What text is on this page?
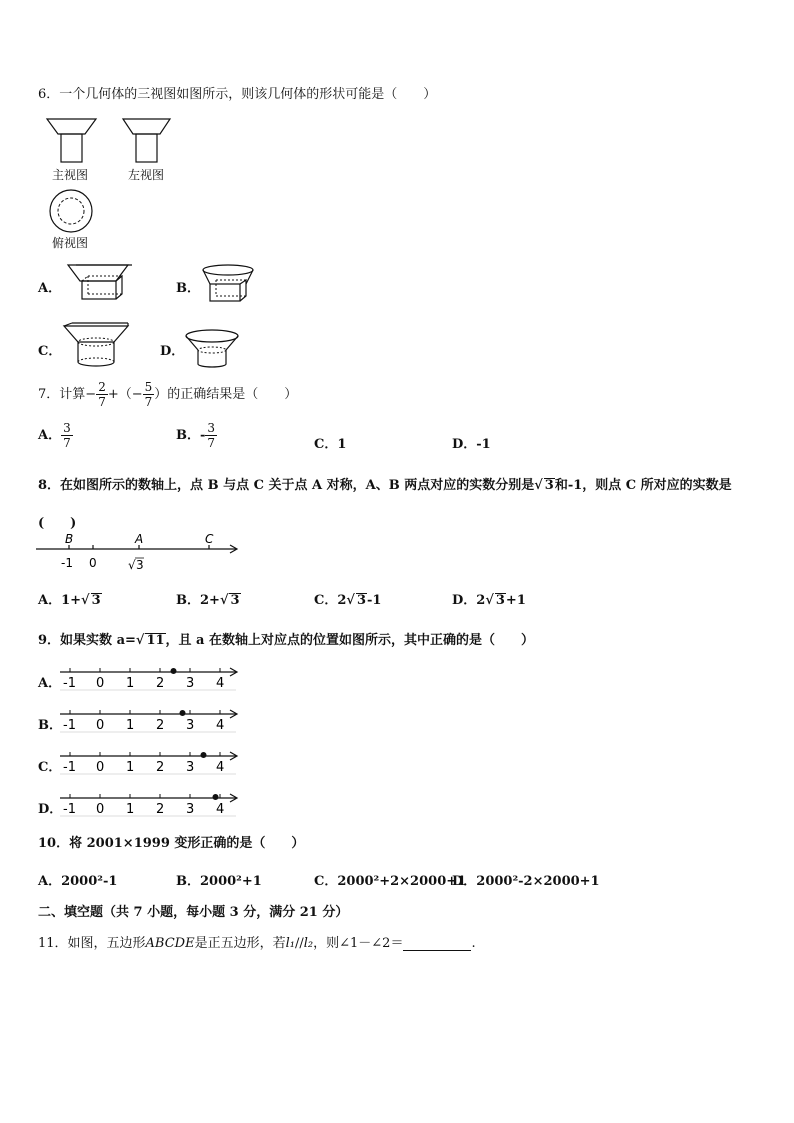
6．一个几何体的三视图如图所示，则该几何体的形状可能是（　　）
主视图	左视图
俯视图
A．	B．
C．	D．
7．计算− $\frac{2}{7}$ +（− $\frac{5}{7}$ ）的正确结果是（　　）
A． $\frac{3}{7}$	B．- $\frac{3}{7}$	C．1	D．-1
8．在如图所示的数轴上，点 B 与点 C 关于点 A 对称，A、B 两点对应的实数分别是√ 3和-1，则点 C 所对应的实数是
(　　)
B	A	C
-1 0	√ 3
A．1+√ 3	B．2+√ 3	C．2√ 3-1	D．2√ 3+1
9．如果实数 a=√ 11，且 a 在数轴上对应点的位置如图所示，其中正确的是（　　）
A． -1 0 1 2 3 4
B． -1 0 1 2 3 4
C． -1 0 1 2 3 4
D． -1 0 1 2 3 4
10．将 2001×1999 变形正确的是（　　）
A．2000²-1	B．2000²+1	C．2000²+2×2000+1
D．2000²-2×2000+1
二、填空题（共 7 小题，每小题 3 分，满分 21 分）
11．如图，五边形ABCDE是正五边形，若l₁//l₂，则∠1－∠2＝	.
